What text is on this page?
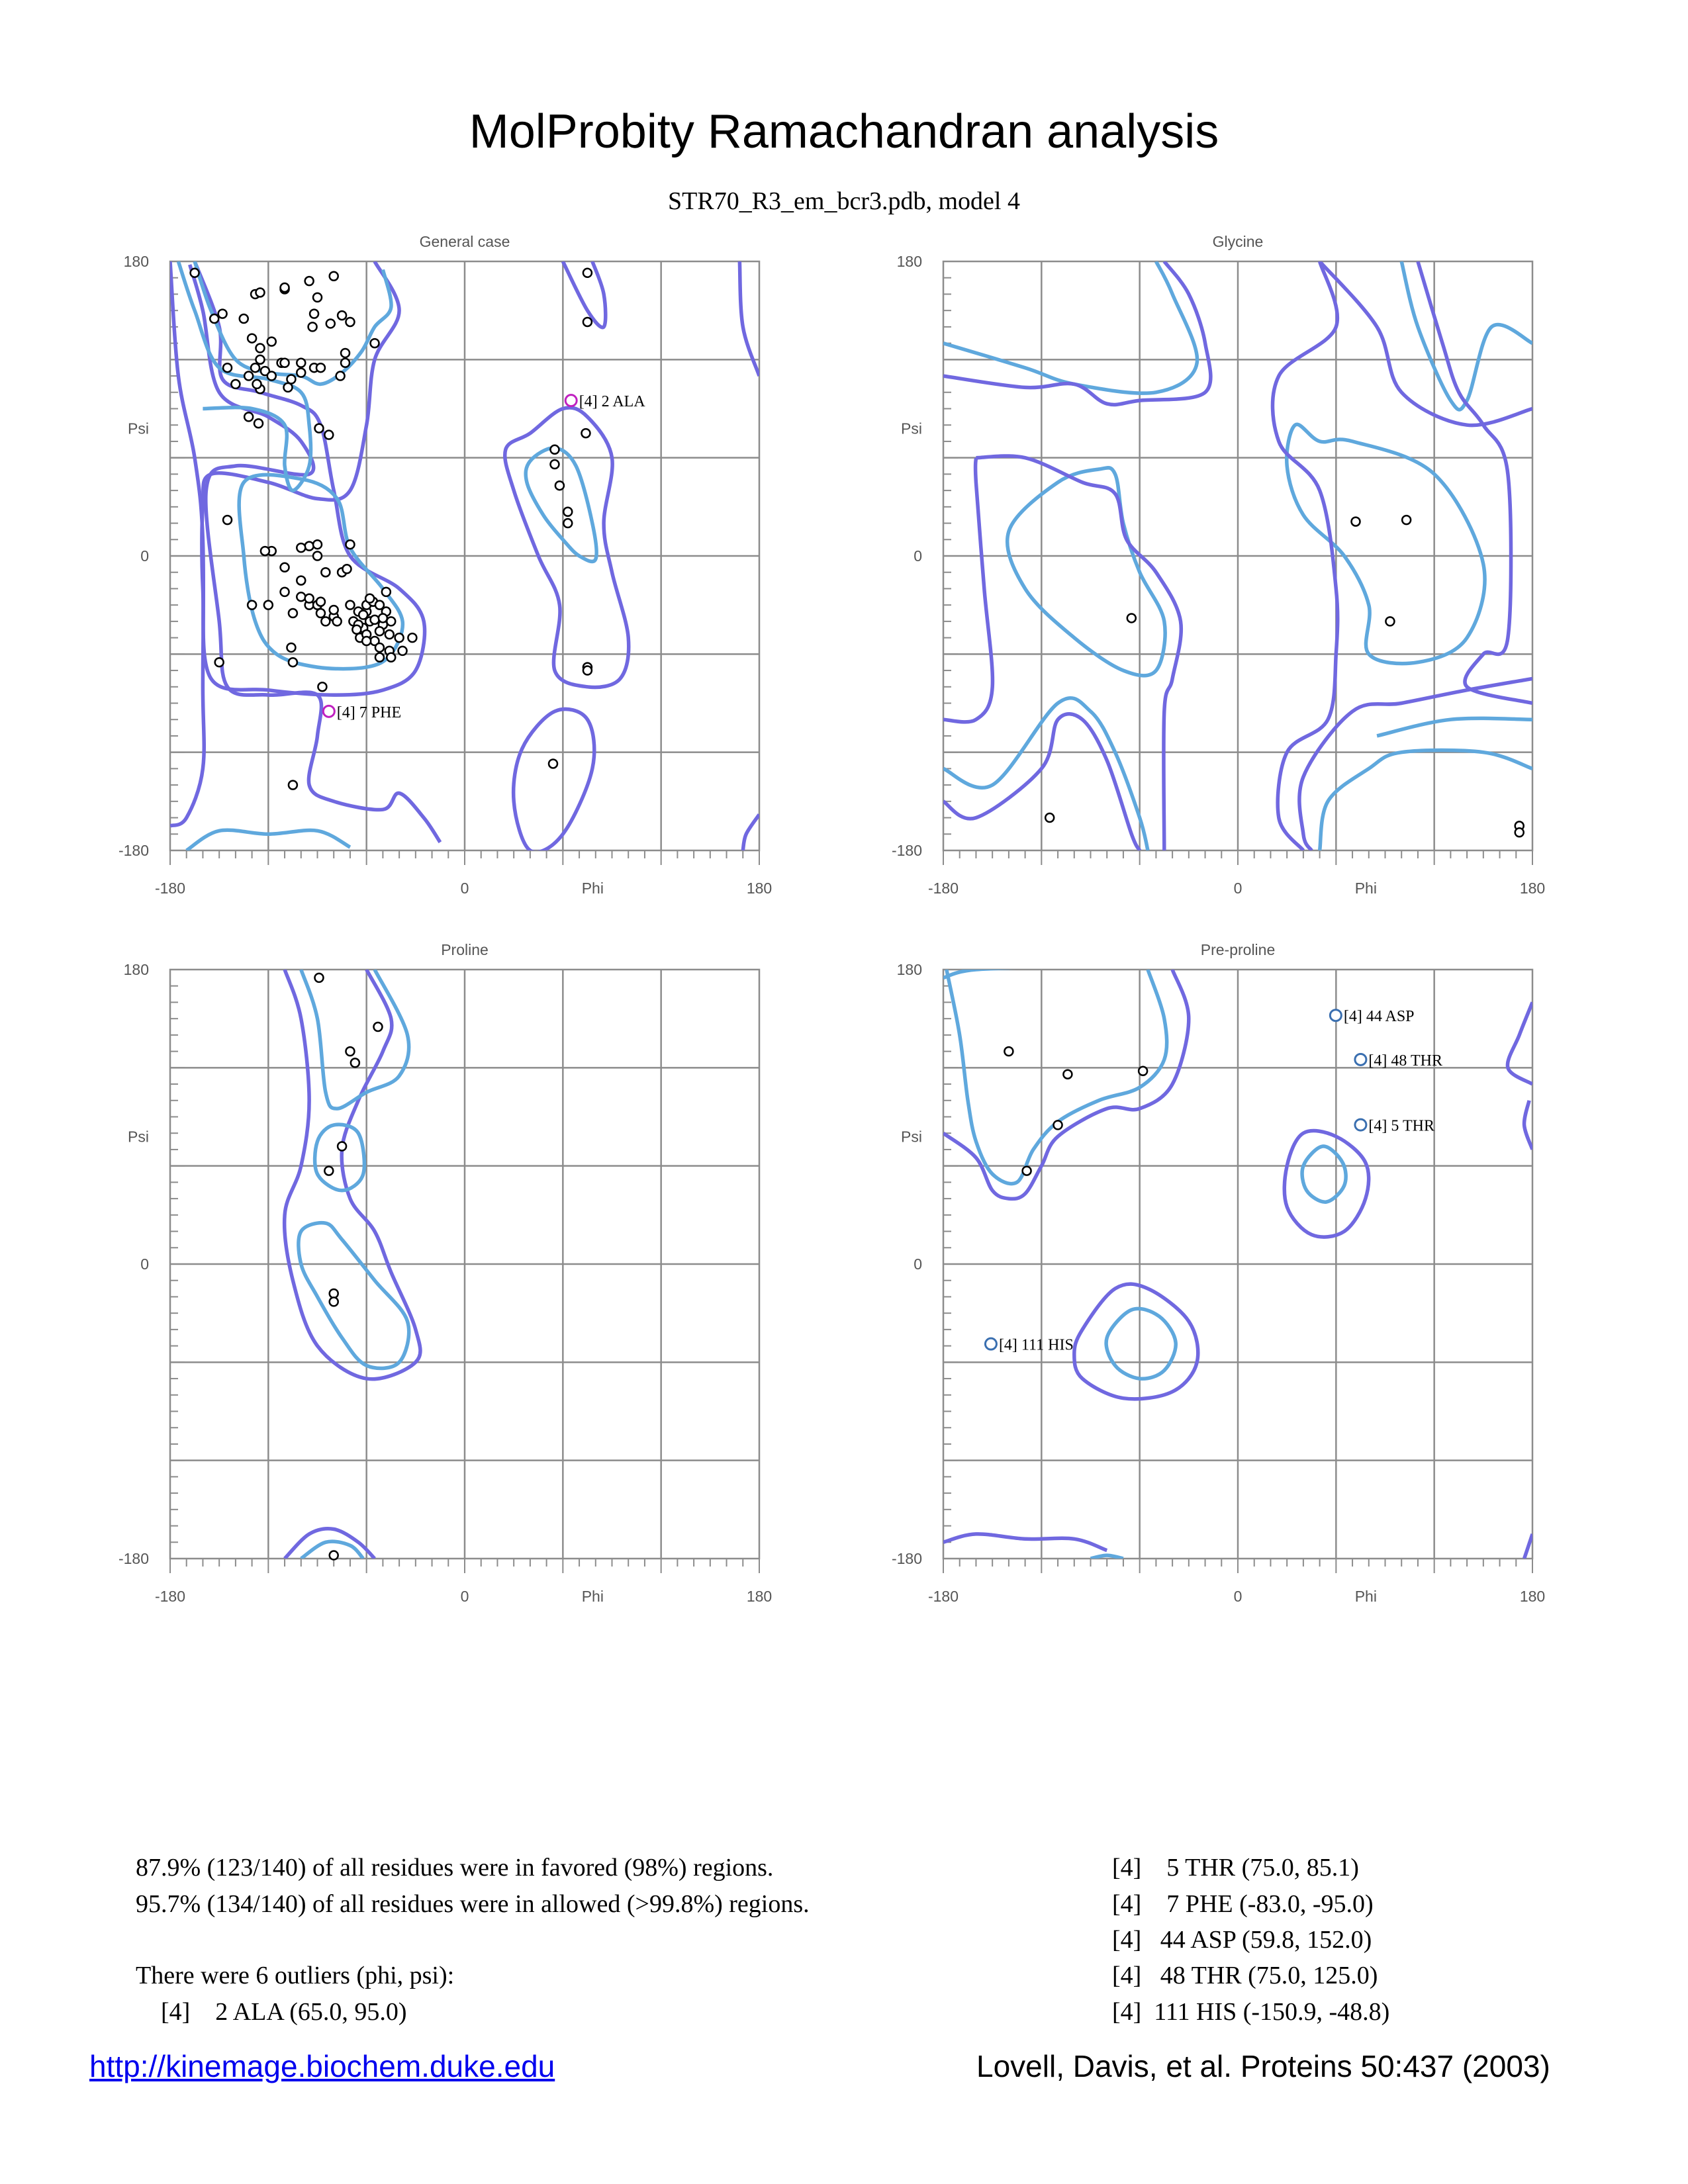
MolProbity Ramachandran analysis
STR70_R3_em_bcr3.pdb, model 4
[4] 2 ALA
[4] 7 PHE
General case
-180	0	180
Phi
180
0
-180
Psi
Glycine
-180	0	180
Phi
180
0
-180
Psi
Proline
-180	0	180
Phi
180
0
-180
Psi
[4] 44 ASP
[4] 48 THR
[4] 5 THR
[4] 111 HIS
Pre-proline
-180	0	180
Phi
180
0
-180
Psi
87.9% (123/140) of all residues were in favored (98%) regions.
95.7% (134/140) of all residues were in allowed (>99.8%) regions.
There were 6 outliers (phi, psi):
[4]    2 ALA (65.0, 95.0)
[4]    5 THR (75.0, 85.1)
[4]    7 PHE (-83.0, -95.0)
[4]   44 ASP (59.8, 152.0)
[4]   48 THR (75.0, 125.0)
[4]  111 HIS (-150.9, -48.8)
http://kinemage.biochem.duke.edu	Lovell, Davis, et al. Proteins 50:437 (2003)
